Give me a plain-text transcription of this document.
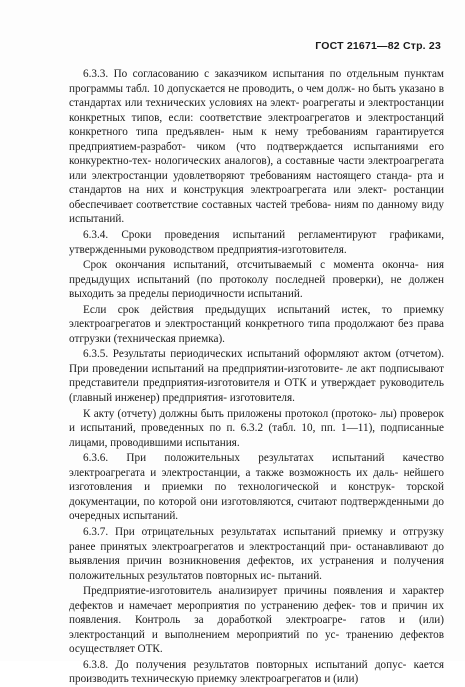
ГОСТ 21671—82 Стр. 23

6.3.3. По согласованию с заказчиком испытания по отдельным пунктам программы табл. 10 допускается не проводить, о чем долж- но быть указано в стандартах или технических условиях на элект- роагрегаты и электростанции конкретных типов, если: соответствие электроагрегатов и электростанций конкретного типа предъявлен- ным к нему требованиям гарантируется предприятием-разработ- чиком (что подтверждается испытаниями его конкуректно-тех- нологических аналогов), а составные части электроагрегата или электростанции удовлетворяют требованиям настоящего станда- рта и стандартов на них и конструкция электроагрегата или элект- ростанции обеспечивает соответствие составных частей требова- ниям по данному виду испытаний.

6.3.4. Сроки проведения испытаний регламентируют графиками, утвержденными руководством предприятия-изготовителя.

Срок окончания испытаний, отсчитываемый с момента оконча- ния предыдущих испытаний (по протоколу последней проверки), не должен выходить за пределы периодичности испытаний.

Если срок действия предыдущих испытаний истек, то приемку электроагрегатов и электростанций конкретного типа продолжают без права отгрузки (техническая приемка).

6.3.5. Результаты периодических испытаний оформляют актом (отчетом). При проведении испытаний на предприятии-изготовите- ле акт подписывают представители предприятия-изготовителя и ОТК и утверждает руководитель (главный инженер) предприятия- изготовителя.

К акту (отчету) должны быть приложены протокол (протоко- лы) проверок и испытаний, проведенных по п. 6.3.2 (табл. 10, пп. 1—11), подписанные лицами, проводившими испытания.

6.3.6. При положительных результатах испытаний качество электроагрегата и электростанции, а также возможность их даль- нейшего изготовления и приемки по технологической и конструк- торской документации, по которой они изготовляются, считают подтвержденными до очередных испытаний.

6.3.7. При отрицательных результатах испытаний приемку и отгрузку ранее принятых электроагрегатов и электростанций при- останавливают до выявления причин возникновения дефектов, их устранения и получения положительных результатов повторных ис- пытаний.

Предприятие-изготовитель анализирует причины появления и характер дефектов и намечает мероприятия по устранению дефек- тов и причин их появления. Контроль за доработкой электроагре- гатов и (или) электростанций и выполнением мероприятий по ус- транению дефектов осуществляет ОТК.

6.3.8. До получения результатов повторных испытаний допус- кается производить техническую приемку электроагрегатов и (или)
